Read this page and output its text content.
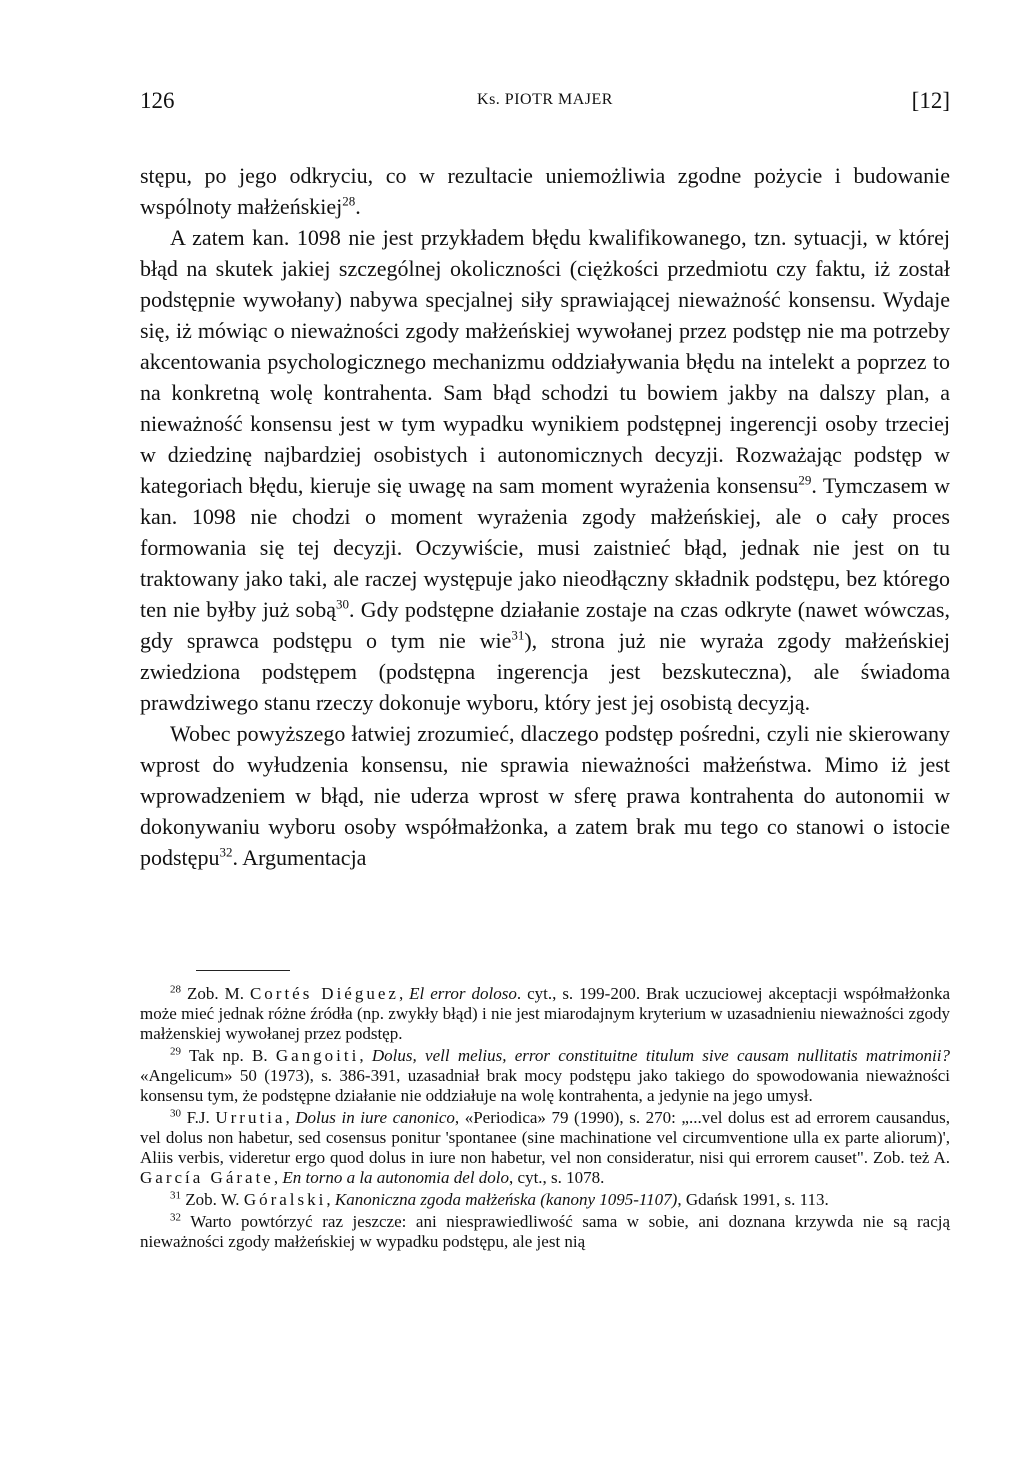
126	Ks. PIOTR MAJER	[12]

stępu, po jego odkryciu, co w rezultacie uniemożliwia zgodne pożycie i budowanie wspólnoty małżeńskiej$^{28}$.

A zatem kan. 1098 nie jest przykładem błędu kwalifikowanego, tzn. sytuacji, w której błąd na skutek jakiej szczególnej okoliczności (ciężkości przedmiotu czy faktu, iż został podstępnie wywołany) nabywa specjalnej siły sprawiającej nieważność konsensu. Wydaje się, iż mówiąc o nieważności zgody małżeńskiej wywołanej przez podstęp nie ma potrzeby akcentowania psychologicznego mechanizmu oddziaływania błędu na intelekt a poprzez to na konkretną wolę kontrahenta. Sam błąd schodzi tu bowiem jakby na dalszy plan, a nieważność konsensu jest w tym wypadku wynikiem podstępnej ingerencji osoby trzeciej w dziedzinę najbardziej osobistych i autonomicznych decyzji. Rozważając podstęp w kategoriach błędu, kieruje się uwagę na sam moment wyrażenia konsensu$^{29}$. Tymczasem w kan. 1098 nie chodzi o moment wyrażenia zgody małżeńskiej, ale o cały proces formowania się tej decyzji. Oczywiście, musi zaistnieć błąd, jednak nie jest on tu traktowany jako taki, ale raczej występuje jako nieodłączny składnik podstępu, bez którego ten nie byłby już sobą$^{30}$. Gdy podstępne działanie zostaje na czas odkryte (nawet wówczas, gdy sprawca podstępu o tym nie wie$^{31}$), strona już nie wyraża zgody małżeńskiej zwiedziona podstępem (podstępna ingerencja jest bezskuteczna), ale świadoma prawdziwego stanu rzeczy dokonuje wyboru, który jest jej osobistą decyzją.

Wobec powyższego łatwiej zrozumieć, dlaczego podstęp pośredni, czyli nie skierowany wprost do wyłudzenia konsensu, nie sprawia nieważności małżeństwa. Mimo iż jest wprowadzeniem w błąd, nie uderza wprost w sferę prawa kontrahenta do autonomii w dokonywaniu wyboru osoby współmałżonka, a zatem brak mu tego co stanowi o istocie podstępu$^{32}$. Argumentacja

$^{28}$ Zob. M. Cortés Diéguez, El error doloso. cyt., s. 199-200. Brak uczuciowej akceptacji współmałżonka może mieć jednak różne źródła (np. zwykły błąd) i nie jest miarodajnym kryterium w uzasadnieniu nieważności zgody małżenskiej wywołanej przez podstęp.

$^{29}$ Tak np. B. Gangoiti, Dolus, vell melius, error constituitne titulum sive causam nullitatis matrimonii? «Angelicum» 50 (1973), s. 386-391, uzasadniał brak mocy podstępu jako takiego do spowodowania nieważności konsensu tym, że podstępne działanie nie oddziałuje na wolę kontrahenta, a jedynie na jego umysł.

$^{30}$ F.J. Urrutia, Dolus in iure canonico, «Periodica» 79 (1990), s. 270: „...vel dolus est ad errorem causandus, vel dolus non habetur, sed cosensus ponitur 'spontanee (sine machinatione vel circumventione ulla ex parte aliorum)', Aliis verbis, videretur ergo quod dolus in iure non habetur, vel non consideratur, nisi qui errorem causet". Zob. też A. García Gárate, En torno a la autonomia del dolo, cyt., s. 1078.

$^{31}$ Zob. W. Góralski, Kanoniczna zgoda małżeńska (kanony 1095-1107), Gdańsk 1991, s. 113.

$^{32}$ Warto powtórzyć raz jeszcze: ani niesprawiedliwość sama w sobie, ani doznana krzywda nie są racją nieważności zgody małżeńskiej w wypadku podstępu, ale jest nią
